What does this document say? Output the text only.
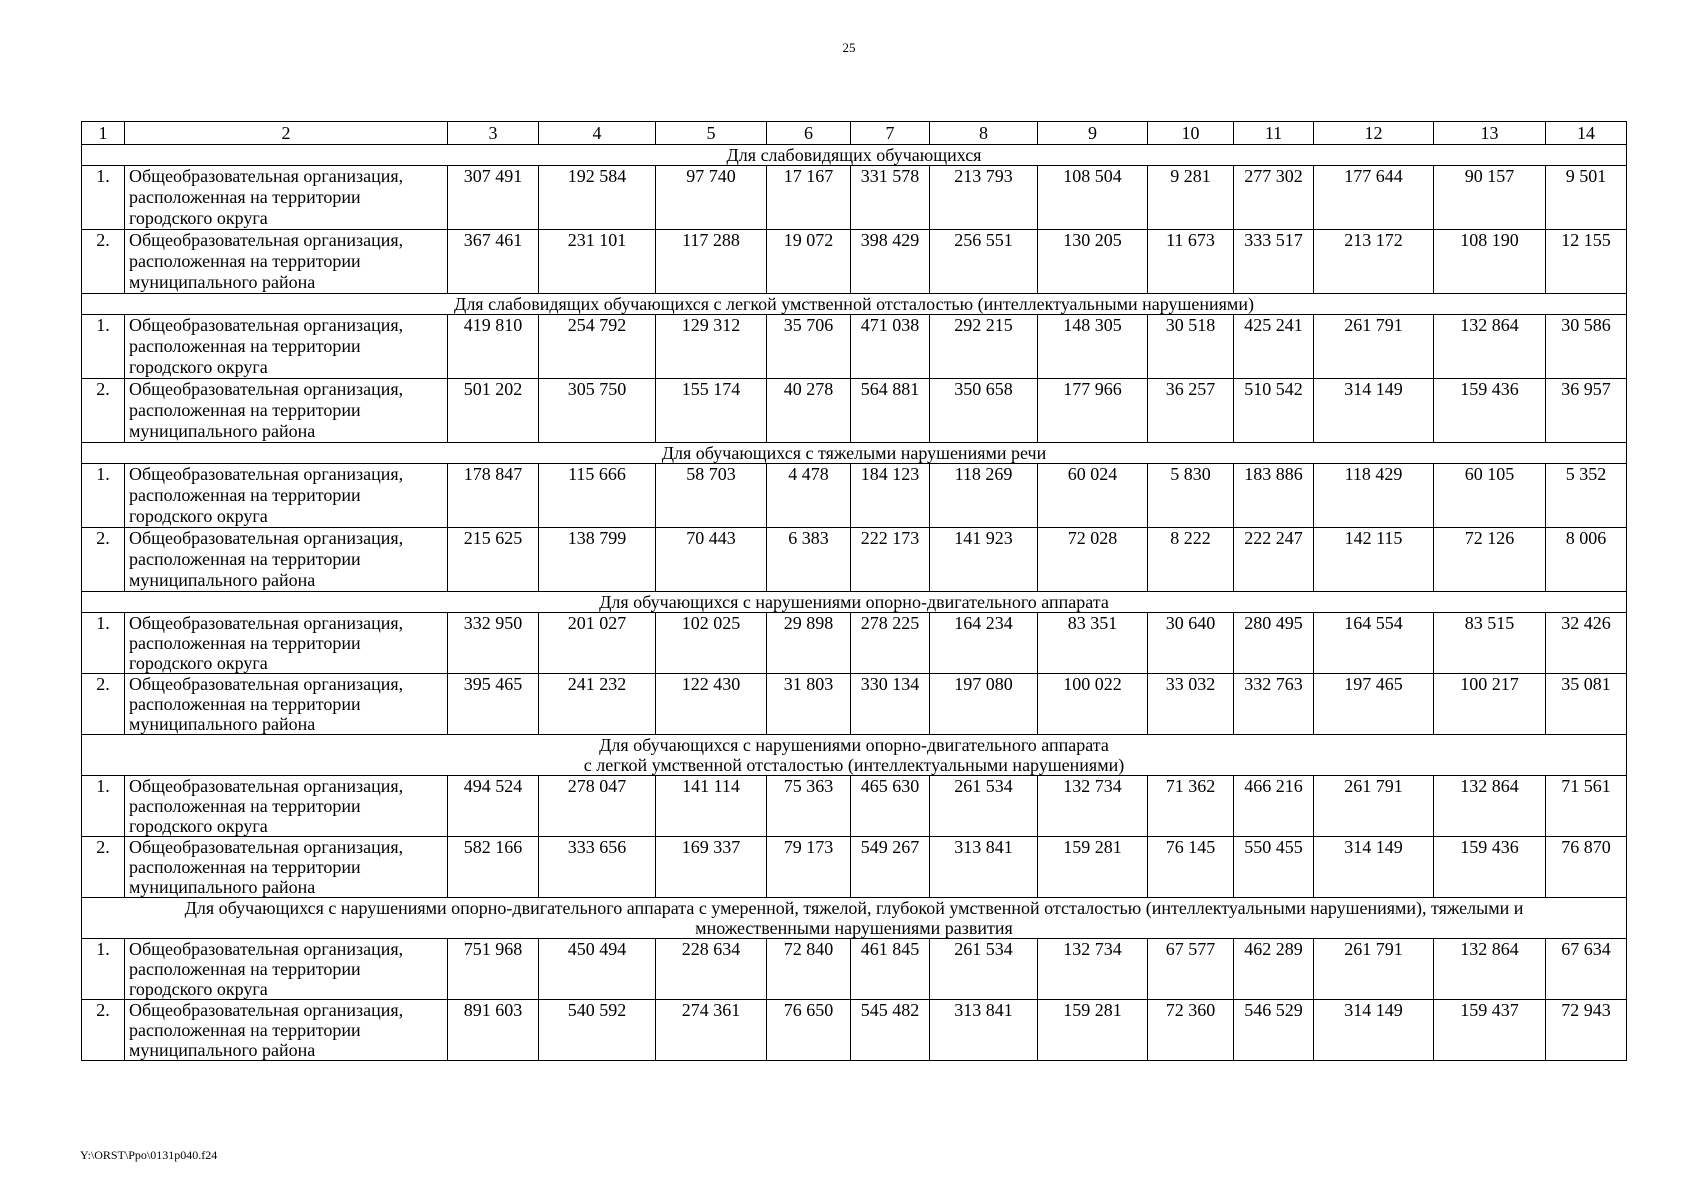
25
1	2	3	4	5	6	7	8	9	10	11	12	13	14
Для слабовидящих обучающихся													
1.	Общеобразовательная организация, расположенная на территории городского округа	307 491	192 584	97 740	17 167	331 578	213 793	108 504	9 281	277 302	177 644	90 157	9 501
2.	Общеобразовательная организация, расположенная на территории муниципального района	367 461	231 101	117 288	19 072	398 429	256 551	130 205	11 673	333 517	213 172	108 190	12 155
Для слабовидящих обучающихся с легкой умственной отсталостью (интеллектуальными нарушениями)													
1.	Общеобразовательная организация, расположенная на территории городского округа	419 810	254 792	129 312	35 706	471 038	292 215	148 305	30 518	425 241	261 791	132 864	30 586
2.	Общеобразовательная организация, расположенная на территории муниципального района	501 202	305 750	155 174	40 278	564 881	350 658	177 966	36 257	510 542	314 149	159 436	36 957
Для обучающихся с тяжелыми нарушениями речи													
1.	Общеобразовательная организация, расположенная на территории городского округа	178 847	115 666	58 703	4 478	184 123	118 269	60 024	5 830	183 886	118 429	60 105	5 352
2.	Общеобразовательная организация, расположенная на территории муниципального района	215 625	138 799	70 443	6 383	222 173	141 923	72 028	8 222	222 247	142 115	72 126	8 006
Для обучающихся с нарушениями опорно-двигательного аппарата													
1.	Общеобразовательная организация, расположенная на территории городского округа	332 950	201 027	102 025	29 898	278 225	164 234	83 351	30 640	280 495	164 554	83 515	32 426
2.	Общеобразовательная организация, расположенная на территории муниципального района	395 465	241 232	122 430	31 803	330 134	197 080	100 022	33 032	332 763	197 465	100 217	35 081
Для обучающихся с нарушениями опорно-двигательного аппарата
с легкой умственной отсталостью (интеллектуальными нарушениями)													
1.	Общеобразовательная организация, расположенная на территории городского округа	494 524	278 047	141 114	75 363	465 630	261 534	132 734	71 362	466 216	261 791	132 864	71 561
2.	Общеобразовательная организация, расположенная на территории муниципального района	582 166	333 656	169 337	79 173	549 267	313 841	159 281	76 145	550 455	314 149	159 436	76 870
Для обучающихся с нарушениями опорно-двигательного аппарата с умеренной, тяжелой, глубокой умственной отсталостью (интеллектуальными нарушениями), тяжелыми и
множественными нарушениями развития													
1.	Общеобразовательная организация, расположенная на территории городского округа	751 968	450 494	228 634	72 840	461 845	261 534	132 734	67 577	462 289	261 791	132 864	67 634
2.	Общеобразовательная организация, расположенная на территории муниципального района	891 603	540 592	274 361	76 650	545 482	313 841	159 281	72 360	546 529	314 149	159 437	72 943
Y:\ORST\Ppo\0131p040.f24
